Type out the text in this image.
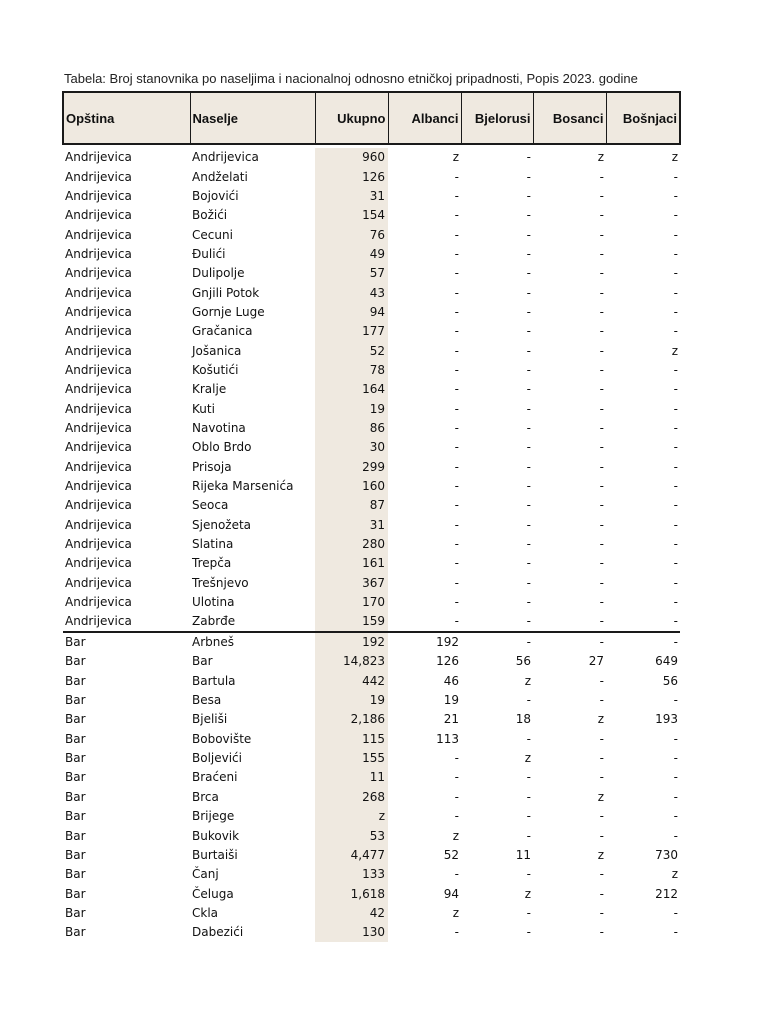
Tabela: Broj stanovnika po naseljima i nacionalnoj odnosno etničkoj pripadnosti, Popis 2023. godine
Opština	Naselje	Ukupno	Albanci	Bjelorusi	Bosanci	Bošnjaci

Andrijevica	Andrijevica	960	z	-	z	z
Andrijevica	Andželati	126	-	-	-	-
Andrijevica	Bojovići	31	-	-	-	-
Andrijevica	Božići	154	-	-	-	-
Andrijevica	Cecuni	76	-	-	-	-
Andrijevica	Đulići	49	-	-	-	-
Andrijevica	Dulipolje	57	-	-	-	-
Andrijevica	Gnjili Potok	43	-	-	-	-
Andrijevica	Gornje Luge	94	-	-	-	-
Andrijevica	Gračanica	177	-	-	-	-
Andrijevica	Jošanica	52	-	-	-	z
Andrijevica	Košutići	78	-	-	-	-
Andrijevica	Kralje	164	-	-	-	-
Andrijevica	Kuti	19	-	-	-	-
Andrijevica	Navotina	86	-	-	-	-
Andrijevica	Oblo Brdo	30	-	-	-	-
Andrijevica	Prisoja	299	-	-	-	-
Andrijevica	Rijeka Marsenića	160	-	-	-	-
Andrijevica	Seoca	87	-	-	-	-
Andrijevica	Sjenožeta	31	-	-	-	-
Andrijevica	Slatina	280	-	-	-	-
Andrijevica	Trepča	161	-	-	-	-
Andrijevica	Trešnjevo	367	-	-	-	-
Andrijevica	Ulotina	170	-	-	-	-
Andrijevica	Zabrđe	159	-	-	-	-
Bar	Arbneš	192	192	-	-	-
Bar	Bar	14,823	126	56	27	649
Bar	Bartula	442	46	z	-	56
Bar	Besa	19	19	-	-	-
Bar	Bjeliši	2,186	21	18	z	193
Bar	Bobovište	115	113	-	-	-
Bar	Boljevići	155	-	z	-	-
Bar	Braćeni	11	-	-	-	-
Bar	Brca	268	-	-	z	-
Bar	Brijege	z	-	-	-	-
Bar	Bukovik	53	z	-	-	-
Bar	Burtaiši	4,477	52	11	z	730
Bar	Čanj	133	-	-	-	z
Bar	Čeluga	1,618	94	z	-	212
Bar	Ckla	42	z	-	-	-
Bar	Dabezići	130	-	-	-	-
